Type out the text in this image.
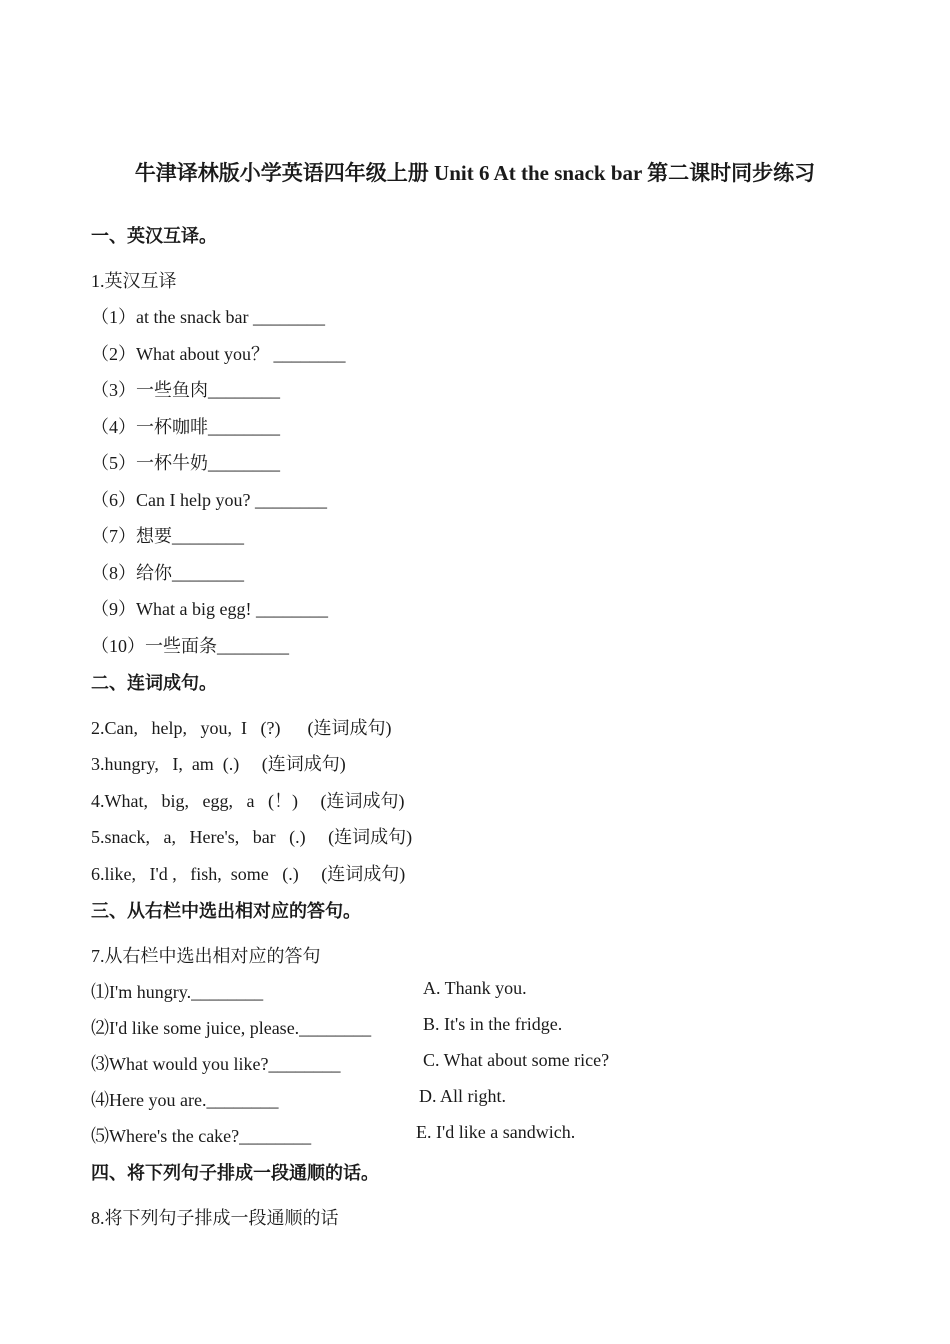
牛津译林版小学英语四年级上册 Unit 6 At the snack bar 第二课时同步练习
一、英汉互译。
1.英汉互译
（1）at the snack bar ________
（2）What about you？ ________
（3）一些鱼肉________
（4）一杯咖啡________
（5）一杯牛奶________
（6）Can I help you? ________
（7）想要________
（8）给你________
（9）What a big egg! ________
（10）一些面条________
二、连词成句。
2.Can,   help,   you,  I   (?)      (连词成句)
3.hungry,   I,  am  (.)     (连词成句)
4.What,   big,   egg,   a   (！)     (连词成句)
5.snack,   a,   Here's,   bar   (.)     (连词成句)
6.like,   I'd ,   fish,  some   (.)     (连词成句)
三、从右栏中选出相对应的答句。
7.从右栏中选出相对应的答句
⑴I'm hungry.________
⑵I'd like some juice, please.________
⑶What would you like?________
⑷Here you are.________
⑸Where's the cake?________
A. Thank you.
B. It's in the fridge.
C. What about some rice?
D. All right.
E. I'd like a sandwich.
四、将下列句子排成一段通顺的话。
8.将下列句子排成一段通顺的话
